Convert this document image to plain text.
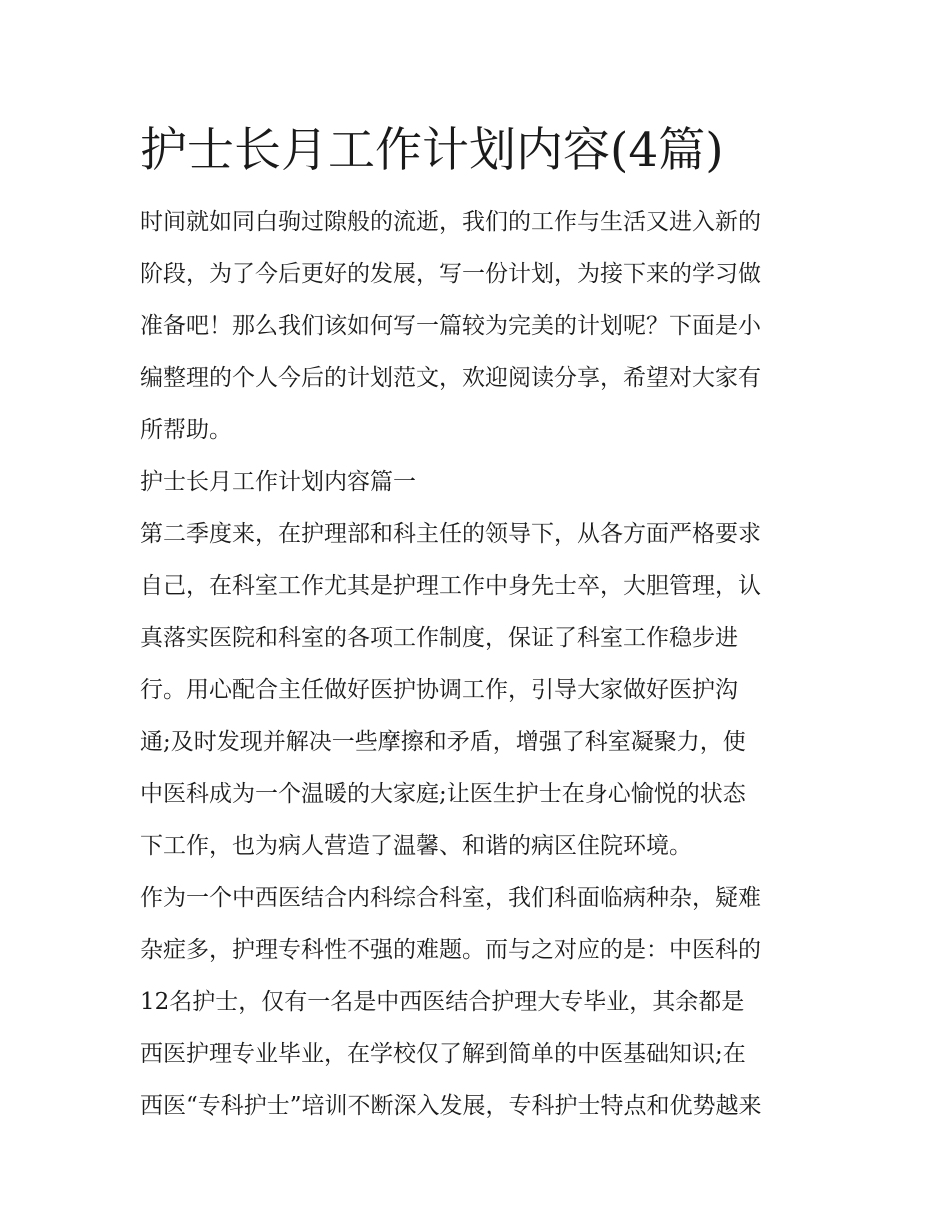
护士长月工作计划内容(4篇)
时间就如同白驹过隙般的流逝，我们的工作与生活又进入新的
阶段，为了今后更好的发展，写一份计划，为接下来的学习做
准备吧！那么我们该如何写一篇较为完美的计划呢？下面是小
编整理的个人今后的计划范文，欢迎阅读分享，希望对大家有
所帮助。
护士长月工作计划内容篇一
第二季度来，在护理部和科主任的领导下，从各方面严格要求
自己，在科室工作尤其是护理工作中身先士卒，大胆管理，认
真落实医院和科室的各项工作制度，保证了科室工作稳步进
行。用心配合主任做好医护协调工作，引导大家做好医护沟
通;及时发现并解决一些摩擦和矛盾，增强了科室凝聚力，使
中医科成为一个温暖的大家庭;让医生护士在身心愉悦的状态
下工作，也为病人营造了温馨、和谐的病区住院环境。
作为一个中西医结合内科综合科室，我们科面临病种杂，疑难
杂症多，护理专科性不强的难题。而与之对应的是：中医科的
12名护士，仅有一名是中西医结合护理大专毕业，其余都是
西医护理专业毕业，在学校仅了解到简单的中医基础知识;在
西医“专科护士”培训不断深入发展，专科护士特点和优势越来
